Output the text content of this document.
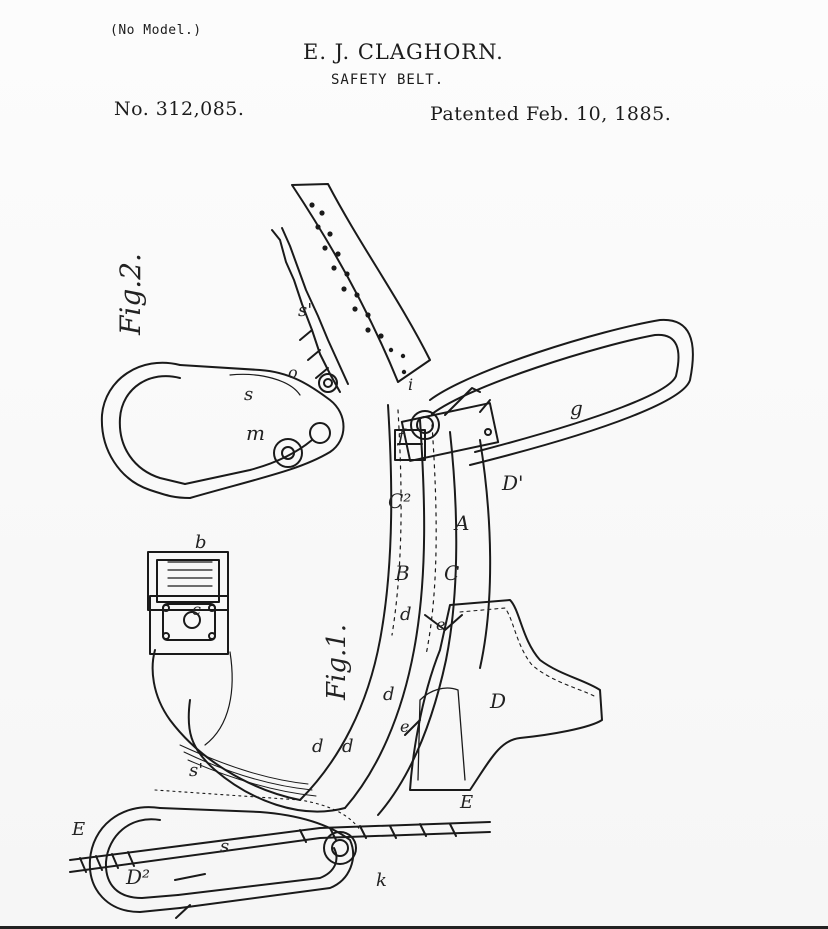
(No Model.)
E. J. CLAGHORN.
SAFETY BELT.
No. 312,085.	Patented Feb. 10, 1885.
b
c	d
d
d
d
e
e
f
g
i
k
m
o
s
s
s'
s'
A
B C
C²
D
D'
D²
E
E
Fig.1.
Fig.2.
